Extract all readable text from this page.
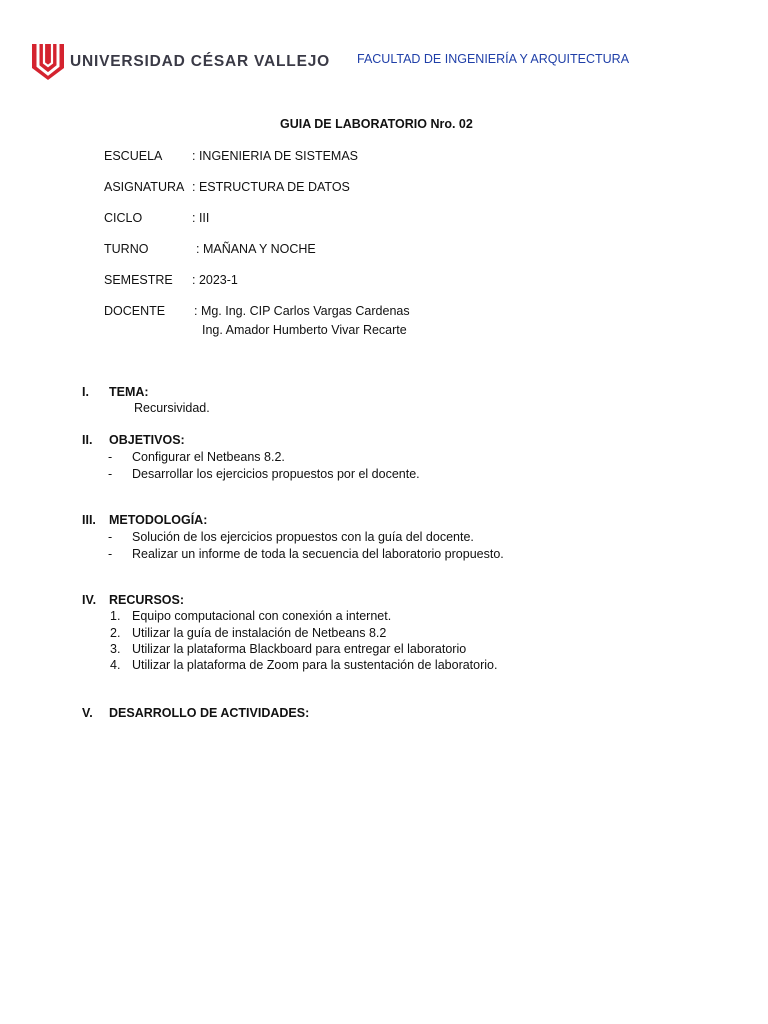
UNIVERSIDAD CÉSAR VALLEJO FACULTAD DE INGENIERÍA Y ARQUITECTURA
GUIA DE LABORATORIO Nro. 02
ESCUELA : INGENIERIA DE SISTEMAS
ASIGNATURA : ESTRUCTURA DE DATOS
CICLO	: III
TURNO	: MAÑANA Y NOCHE
SEMESTRE : 2023-1
DOCENTE : Mg. Ing. CIP Carlos Vargas Cardenas
Ing. Amador Humberto Vivar Recarte
I. TEMA:
Recursividad.
II. OBJETIVOS:
- Configurar el Netbeans 8.2.
- Desarrollar los ejercicios propuestos por el docente.
III. METODOLOGÍA:
- Solución de los ejercicios propuestos con la guía del docente.
- Realizar un informe de toda la secuencia del laboratorio propuesto.
IV. RECURSOS:
1. Equipo computacional con conexión a internet.
2. Utilizar la guía de instalación de Netbeans 8.2
3. Utilizar la plataforma Blackboard para entregar el laboratorio
4. Utilizar la plataforma de Zoom para la sustentación de laboratorio.
V. DESARROLLO DE ACTIVIDADES:
